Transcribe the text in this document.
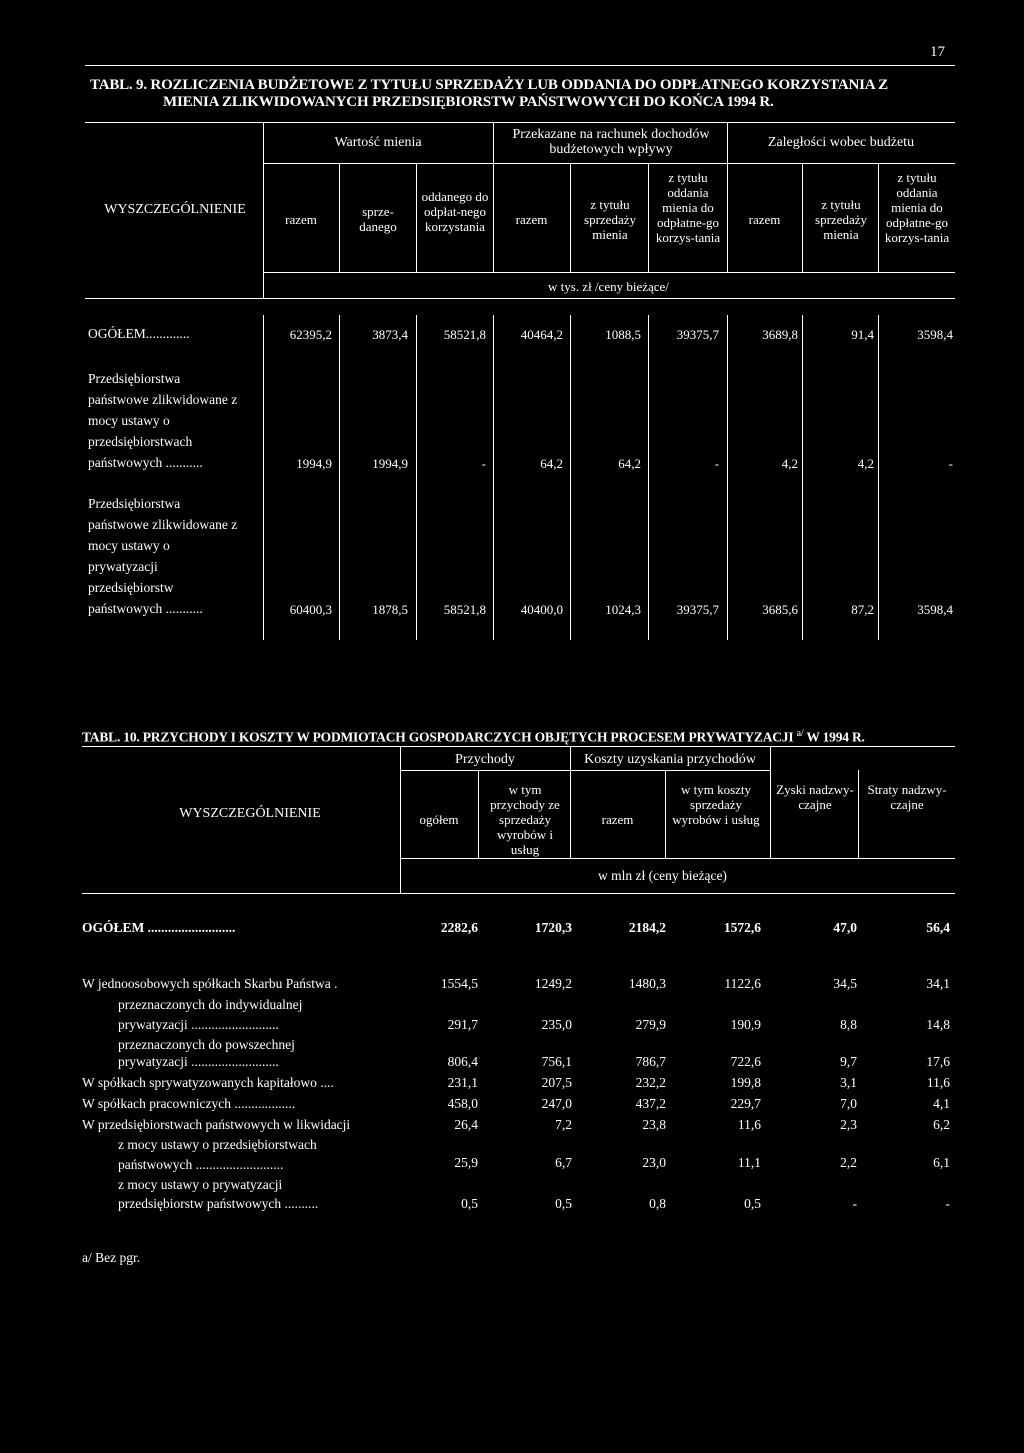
17
TABL. 9. ROZLICZENIA BUDŻETOWE Z TYTUŁU SPRZEDAŻY LUB ODDANIA DO ODPŁATNEGO KORZYSTANIA Z
MIENIA ZLIKWIDOWANYCH PRZEDSIĘBIORSTW PAŃSTWOWYCH DO KOŃCA 1994 R.
WYSZCZEGÓLNIENIE
Wartość mienia
Przekazane na rachunek dochodów budżetowych wpływy	Zaległości wobec budżetu
razem
sprze-danego
oddanego do odpłat-nego korzystania	razem
z tytułu sprzedaży mienia
z tytułu oddania mienia do odpłatne-go korzys-tania
razem
z tytułu sprzedaży mienia
z tytułu oddania mienia do odpłatne-go korzys-tania
w tys. zł /ceny bieżące/
OGÓŁEM.............	62395,2	3873,4	58521,8	40464,2	1088,5	39375,7	3689,8	91,4	3598,4
Przedsiębiorstwa
państwowe zlikwidowane z
mocy ustawy o
przedsiębiorstwach
państwowych ...........	1994,9	1994,9	-	64,2	64,2	-	4,2	4,2	-
Przedsiębiorstwa
państwowe zlikwidowane z
mocy ustawy o
prywatyzacji
przedsiębiorstw
państwowych ...........	60400,3	1878,5	58521,8	40400,0	1024,3	39375,7	3685,6	87,2	3598,4
TABL. 10. PRZYCHODY I KOSZTY W PODMIOTACH GOSPODARCZYCH OBJĘTYCH PROCESEM PRYWATYZACJI $^{a/}$ W 1994 R.
WYSZCZEGÓLNIENIE
Przychody	Koszty uzyskania przychodów
ogółem
w tym przychody ze sprzedaży wyrobów i usług
razem
w tym koszty sprzedaży wyrobów i usług
Zyski nadzwy-czajne
Straty nadzwy-czajne
w mln zł (ceny bieżące)
OGÓŁEM ..........................	2282,6	1720,3	2184,2	1572,6	47,0	56,4
W jednoosobowych spółkach Skarbu Państwa .	1554,5	1249,2	1480,3	1122,6	34,5	34,1
przeznaczonych do indywidualnej
prywatyzacji ..........................	291,7	235,0	279,9	190,9	8,8	14,8
przeznaczonych do powszechnej
prywatyzacji ..........................	806,4	756,1	786,7	722,6	9,7	17,6
W spółkach sprywatyzowanych kapitałowo ....	231,1	207,5	232,2	199,8	3,1	11,6
W spółkach pracowniczych ..................	458,0	247,0	437,2	229,7	7,0	4,1
W przedsiębiorstwach państwowych w likwidacji	26,4	7,2	23,8	11,6	2,3	6,2
z mocy ustawy o przedsiębiorstwach
państwowych ..........................	25,9	6,7	23,0	11,1	2,2	6,1
z mocy ustawy o prywatyzacji
przedsiębiorstw państwowych ..........	0,5	0,5	0,8	0,5	-	-
a/ Bez pgr.
